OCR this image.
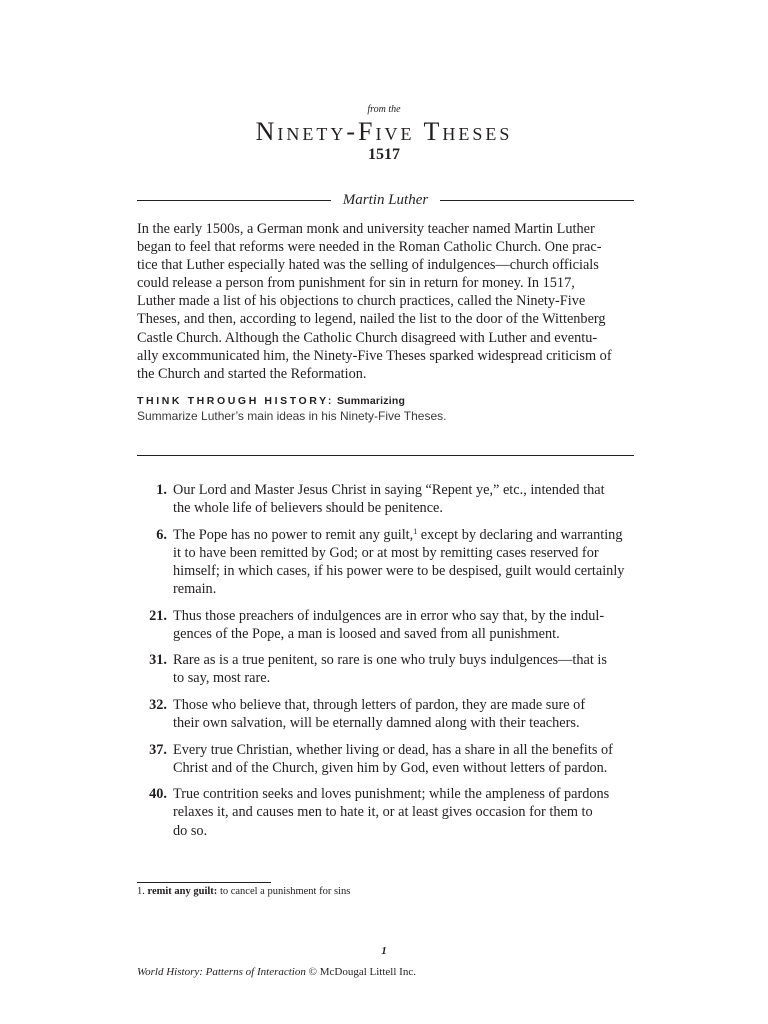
from the
Ninety-Five Theses
1517
Martin Luther
In the early 1500s, a German monk and university teacher named Martin Luther
began to feel that reforms were needed in the Roman Catholic Church. One prac-
tice that Luther especially hated was the selling of indulgences—church officials
could release a person from punishment for sin in return for money. In 1517,
Luther made a list of his objections to church practices, called the Ninety-Five
Theses, and then, according to legend, nailed the list to the door of the Wittenberg
Castle Church. Although the Catholic Church disagreed with Luther and eventu-
ally excommunicated him, the Ninety-Five Theses sparked widespread criticism of
the Church and started the Reformation.
THINK THROUGH HISTORY: Summarizing
Summarize Luther’s main ideas in his Ninety-Five Theses.
1. Our Lord and Master Jesus Christ in saying “Repent ye,” etc., intended that
the whole life of believers should be penitence.
6. The Pope has no power to remit any guilt,$^1$ except by declaring and warranting
it to have been remitted by God; or at most by remitting cases reserved for
himself; in which cases, if his power were to be despised, guilt would certainly
remain.
21. Thus those preachers of indulgences are in error who say that, by the indul-
gences of the Pope, a man is loosed and saved from all punishment.
31. Rare as is a true penitent, so rare is one who truly buys indulgences—that is
to say, most rare.
32. Those who believe that, through letters of pardon, they are made sure of
their own salvation, will be eternally damned along with their teachers.
37. Every true Christian, whether living or dead, has a share in all the benefits of
Christ and of the Church, given him by God, even without letters of pardon.
40. True contrition seeks and loves punishment; while the ampleness of pardons
relaxes it, and causes men to hate it, or at least gives occasion for them to
do so.
1. remit any guilt: to cancel a punishment for sins
1
World History: Patterns of Interaction © McDougal Littell Inc.
